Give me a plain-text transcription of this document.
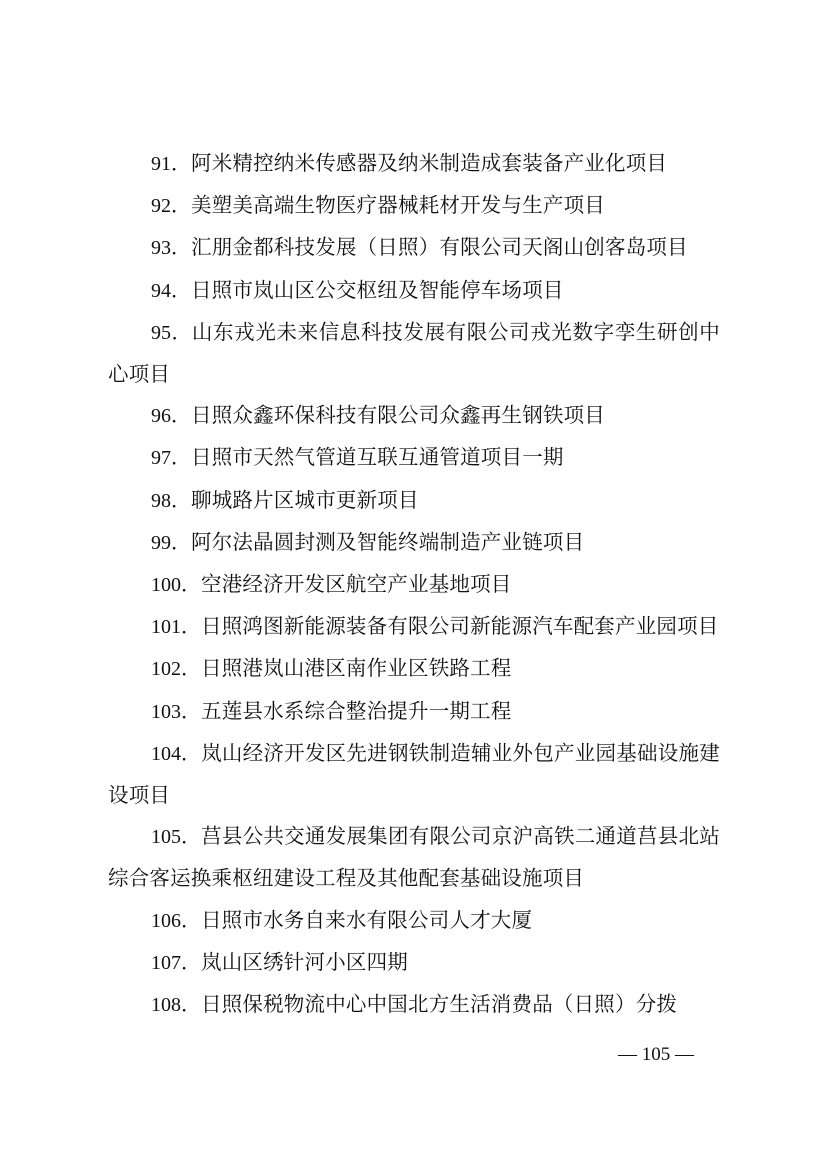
91．阿米精控纳米传感器及纳米制造成套装备产业化项目

92．美塑美高端生物医疗器械耗材开发与生产项目

93．汇朋金都科技发展（日照）有限公司天阁山创客岛项目

94．日照市岚山区公交枢纽及智能停车场项目

95．山东戎光未来信息科技发展有限公司戎光数字孪生研创中心项目

96．日照众鑫环保科技有限公司众鑫再生钢铁项目

97．日照市天然气管道互联互通管道项目一期

98．聊城路片区城市更新项目

99．阿尔法晶圆封测及智能终端制造产业链项目

100．空港经济开发区航空产业基地项目

101．日照鸿图新能源装备有限公司新能源汽车配套产业园项目

102．日照港岚山港区南作业区铁路工程

103．五莲县水系综合整治提升一期工程

104．岚山经济开发区先进钢铁制造辅业外包产业园基础设施建设项目

105．莒县公共交通发展集团有限公司京沪高铁二通道莒县北站综合客运换乘枢纽建设工程及其他配套基础设施项目

106．日照市水务自来水有限公司人才大厦

107．岚山区绣针河小区四期

108．日照保税物流中心中国北方生活消费品（日照）分拨

— 105 —
